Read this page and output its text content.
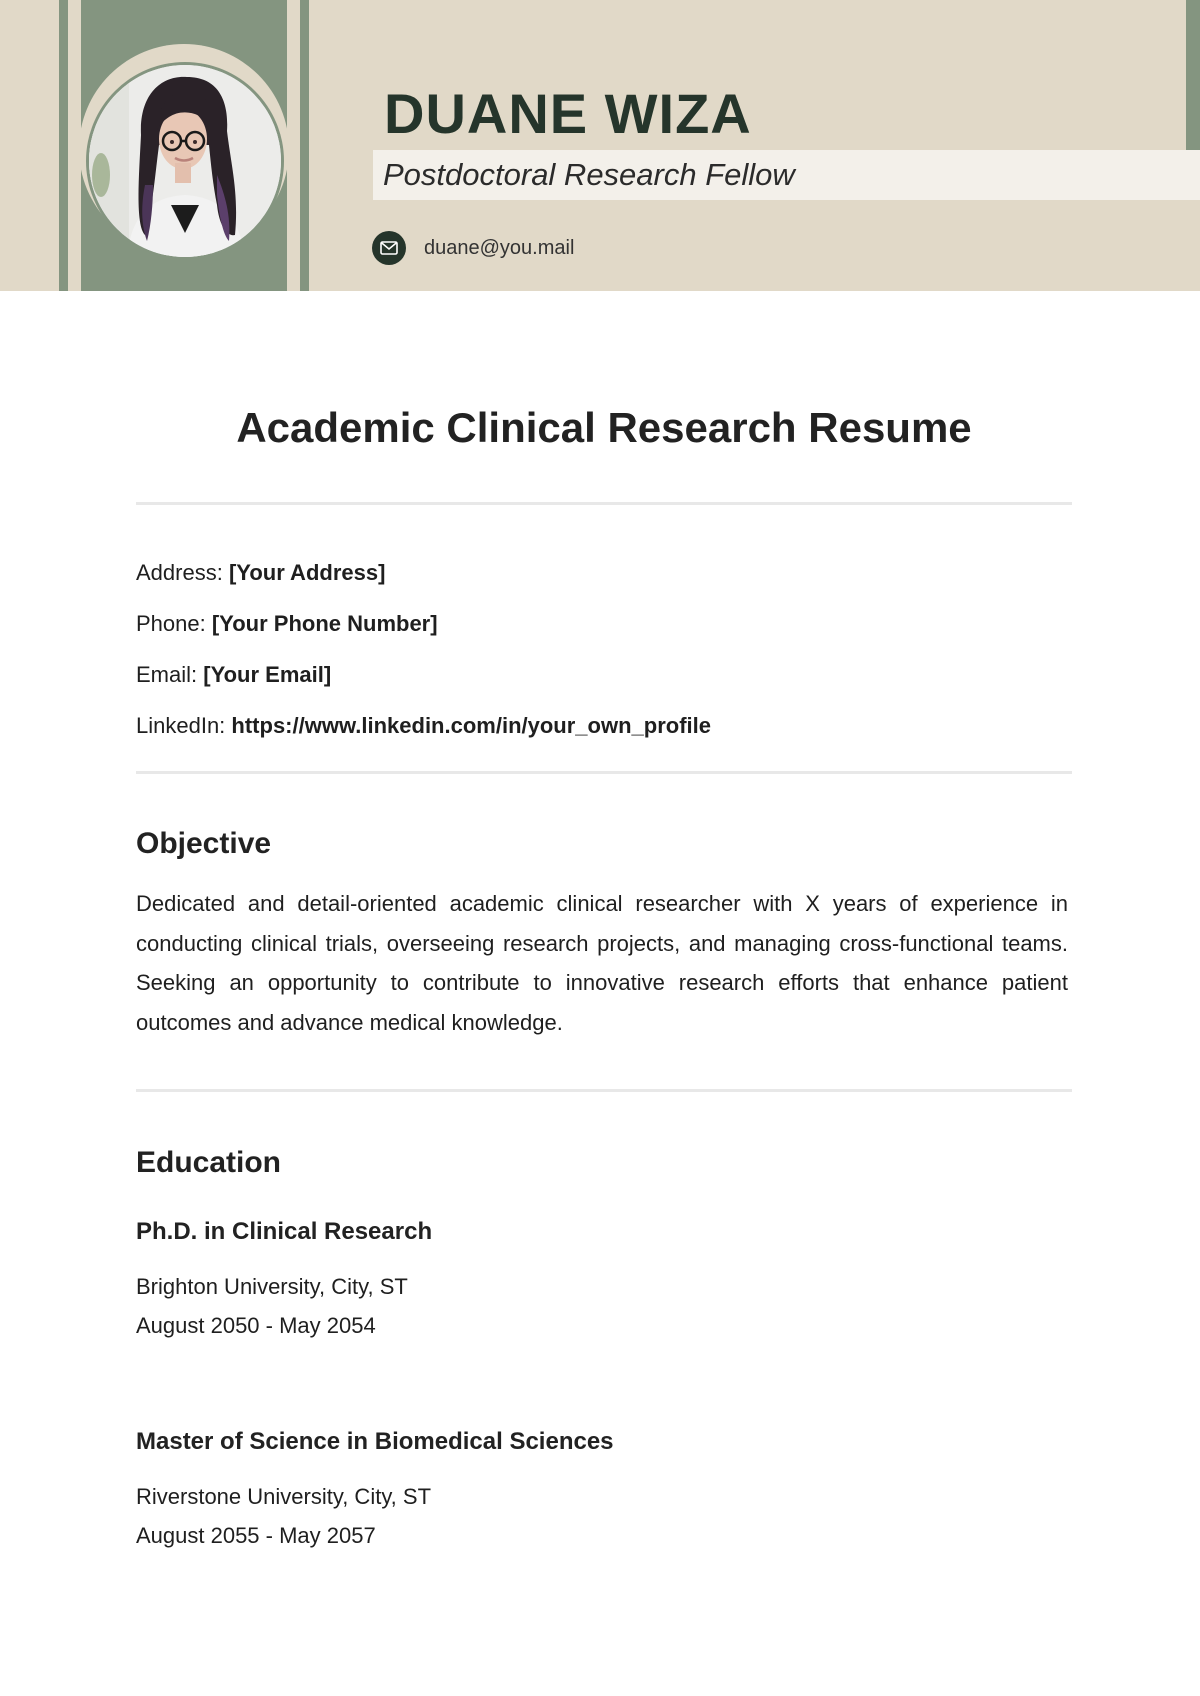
DUANE WIZA
Postdoctoral Research Fellow
duane@you.mail
Academic Clinical Research Resume
Address: [Your Address]
Phone: [Your Phone Number]
Email: [Your Email]
LinkedIn: https://www.linkedin.com/in/your_own_profile
Objective

Dedicated and detail-oriented academic clinical researcher with X years of experience in conducting clinical trials, overseeing research projects, and managing cross-functional teams. Seeking an opportunity to contribute to innovative research efforts that enhance patient outcomes and advance medical knowledge.

Education
Ph.D. in Clinical Research
Brighton University, City, ST
August 2050 - May 2054
Master of Science in Biomedical Sciences
Riverstone University, City, ST
August 2055 - May 2057
